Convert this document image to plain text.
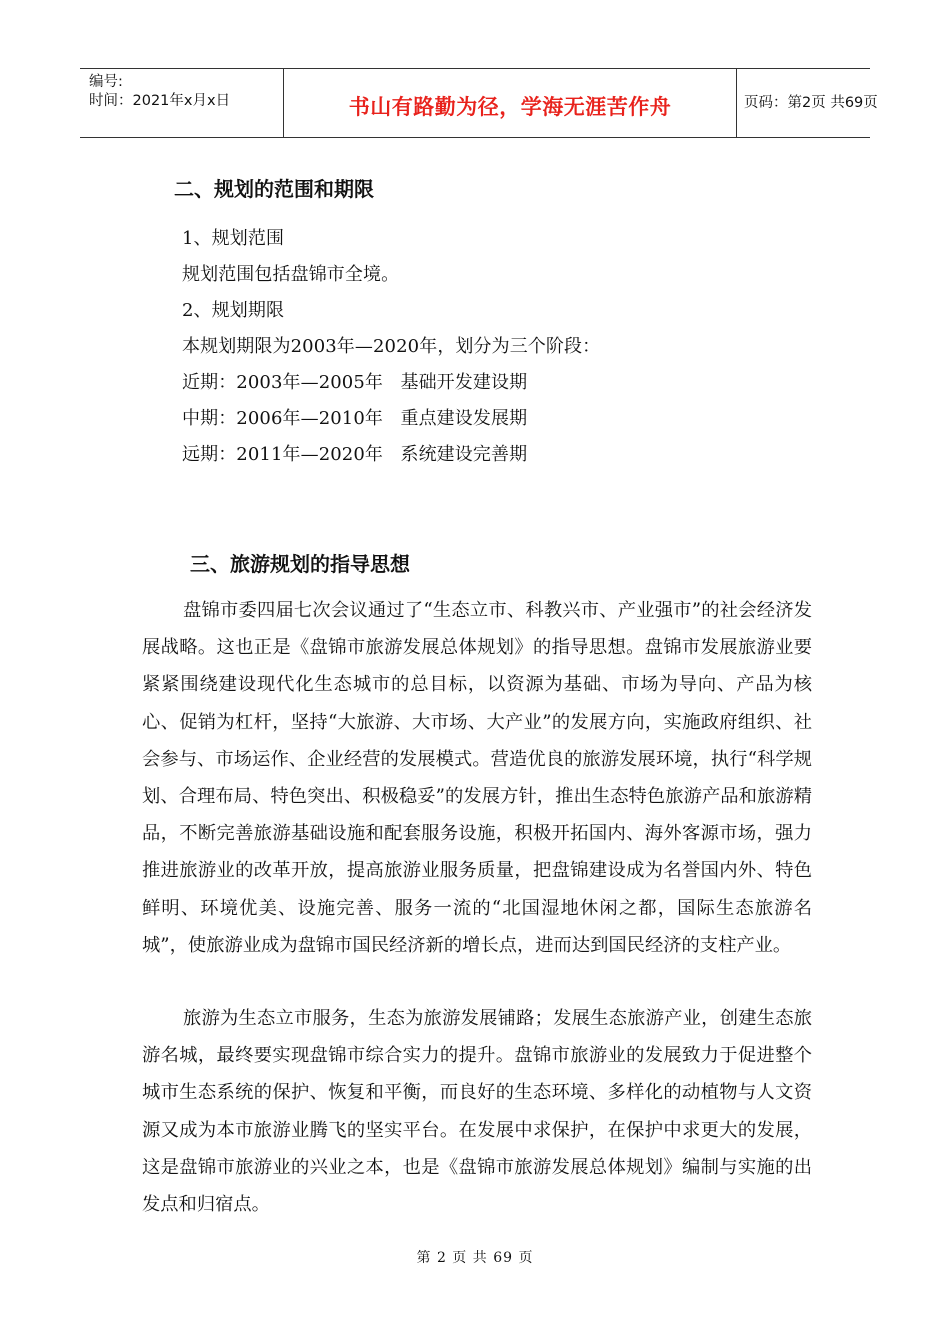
编号:
时间：2021年x月x日	书山有路勤为径，学海无涯苦作舟	页码：第2页 共69页
二、规划的范围和期限
1、规划范围
规划范围包括盘锦市全境。
2、规划期限
本规划期限为2003年—2020年，划分为三个阶段：
近期：2003年—2005年   基础开发建设期
中期：2006年—2010年   重点建设发展期
远期：2011年—2020年   系统建设完善期
三、旅游规划的指导思想

盘锦市委四届七次会议通过了“生态立市、科教兴市、产业强市”的社会经济发展战略。这也正是《盘锦市旅游发展总体规划》的指导思想。盘锦市发展旅游业要紧紧围绕建设现代化生态城市的总目标，以资源为基础、市场为导向、产品为核心、促销为杠杆，坚持“大旅游、大市场、大产业”的发展方向，实施政府组织、社会参与、市场运作、企业经营的发展模式。营造优良的旅游发展环境，执行“科学规划、合理布局、特色突出、积极稳妥”的发展方针，推出生态特色旅游产品和旅游精品，不断完善旅游基础设施和配套服务设施，积极开拓国内、海外客源市场，强力推进旅游业的改革开放，提高旅游业服务质量，把盘锦建设成为名誉国内外、特色鲜明、环境优美、设施完善、服务一流的“北国湿地休闲之都，国际生态旅游名城”，使旅游业成为盘锦市国民经济新的增长点，进而达到国民经济的支柱产业。

旅游为生态立市服务，生态为旅游发展铺路；发展生态旅游产业，创建生态旅游名城，最终要实现盘锦市综合实力的提升。盘锦市旅游业的发展致力于促进整个城市生态系统的保护、恢复和平衡，而良好的生态环境、多样化的动植物与人文资源又成为本市旅游业腾飞的坚实平台。在发展中求保护，在保护中求更大的发展，这是盘锦市旅游业的兴业之本，也是《盘锦市旅游发展总体规划》编制与实施的出发点和归宿点。

第 2 页 共 69 页
